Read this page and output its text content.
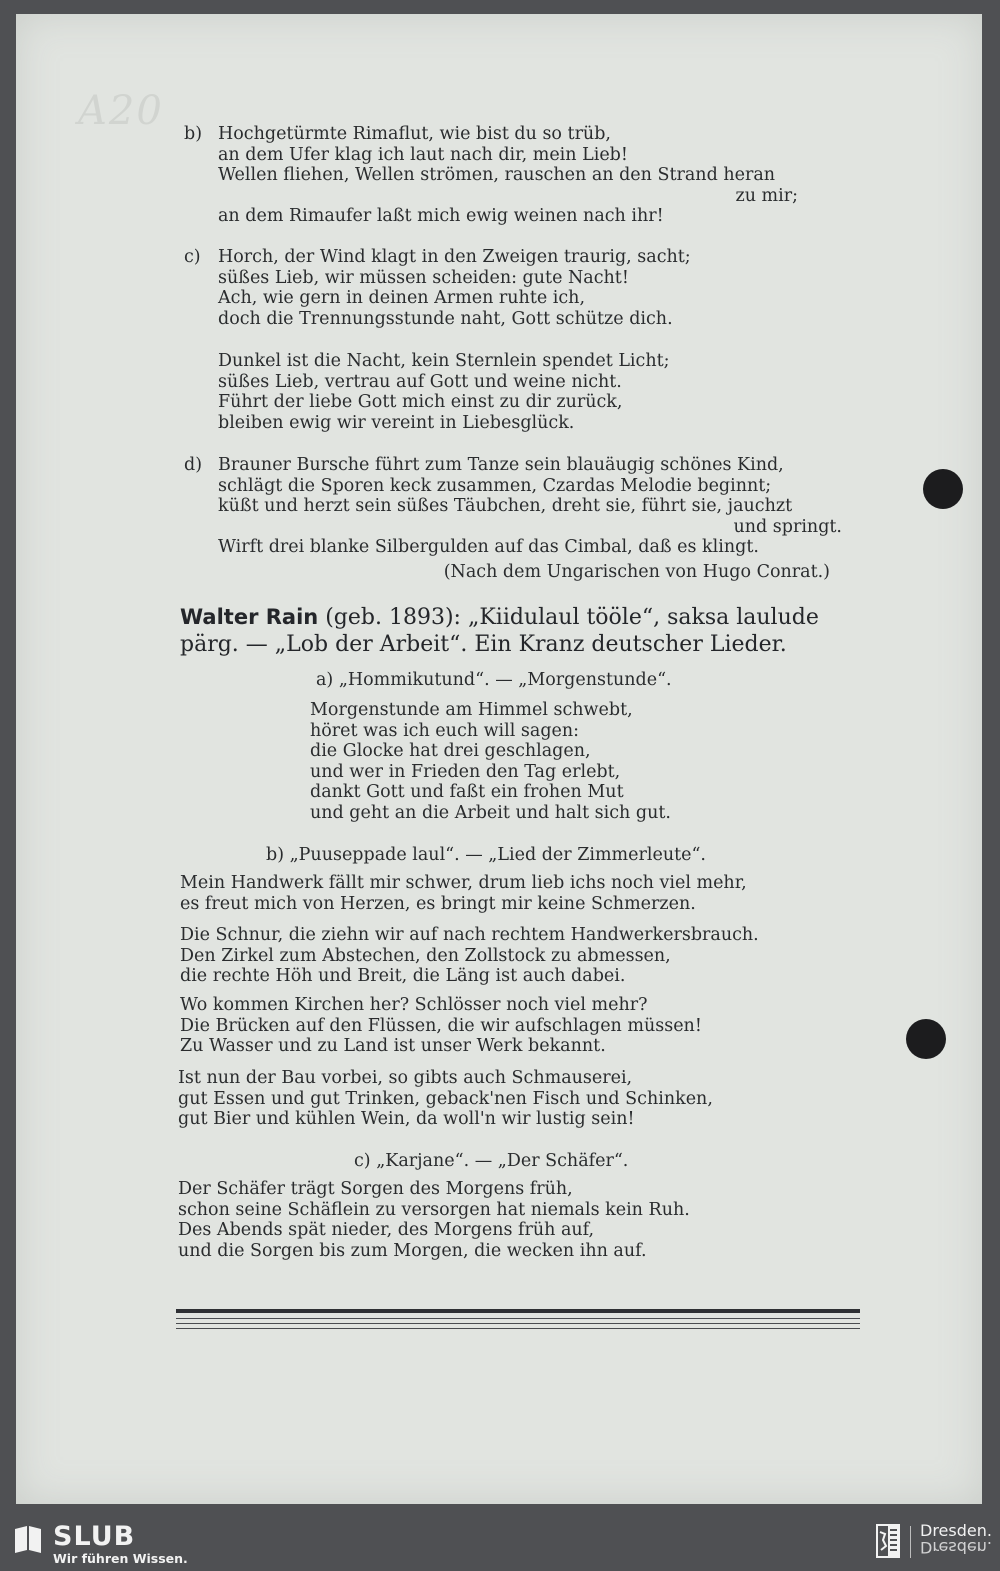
A20 b) Hochgetürmte Rimaflut, wie bist du so trüb,
an dem Ufer klag ich laut nach dir, mein Lieb!
Wellen fliehen, Wellen strömen, rauschen an den Strand heran
zu mir;
an dem Rimaufer laßt mich ewig weinen nach ihr!
c) Horch, der Wind klagt in den Zweigen traurig, sacht;
süßes Lieb, wir müssen scheiden: gute Nacht!
Ach, wie gern in deinen Armen ruhte ich,
doch die Trennungsstunde naht, Gott schütze dich.
Dunkel ist die Nacht, kein Sternlein spendet Licht;
süßes Lieb, vertrau auf Gott und weine nicht.
Führt der liebe Gott mich einst zu dir zurück,
bleiben ewig wir vereint in Liebesglück.
d) Brauner Bursche führt zum Tanze sein blauäugig schönes Kind,
schlägt die Sporen keck zusammen, Czardas Melodie beginnt;
küßt und herzt sein süßes Täubchen, dreht sie, führt sie, jauchzt
und springt.
Wirft drei blanke Silbergulden auf das Cimbal, daß es klingt.
(Nach dem Ungarischen von Hugo Conrat.)
Walter Rain (geb. 1893): „Kiidulaul tööle“, saksa laulude
pärg. — „Lob der Arbeit“. Ein Kranz deutscher Lieder.
a) „Hommikutund“. — „Morgenstunde“.
Morgenstunde am Himmel schwebt,
höret was ich euch will sagen:
die Glocke hat drei geschlagen,
und wer in Frieden den Tag erlebt,
dankt Gott und faßt ein frohen Mut
und geht an die Arbeit und halt sich gut.
b) „Puuseppade laul“. — „Lied der Zimmerleute“.
Mein Handwerk fällt mir schwer, drum lieb ichs noch viel mehr,
es freut mich von Herzen, es bringt mir keine Schmerzen.
Die Schnur, die ziehn wir auf nach rechtem Handwerkersbrauch.
Den Zirkel zum Abstechen, den Zollstock zu abmessen,
die rechte Höh und Breit, die Läng ist auch dabei.
Wo kommen Kirchen her? Schlösser noch viel mehr?
Die Brücken auf den Flüssen, die wir aufschlagen müssen!
Zu Wasser und zu Land ist unser Werk bekannt.
Ist nun der Bau vorbei, so gibts auch Schmauserei,
gut Essen und gut Trinken, geback'nen Fisch und Schinken,
gut Bier und kühlen Wein, da woll'n wir lustig sein!
c) „Karjane“. — „Der Schäfer“.
Der Schäfer trägt Sorgen des Morgens früh,
schon seine Schäflein zu versorgen hat niemals kein Ruh.
Des Abends spät nieder, des Morgens früh auf,
und die Sorgen bis zum Morgen, die wecken ihn auf.
SLUB
Wir führen Wissen.
Dresden.
Dresden.
